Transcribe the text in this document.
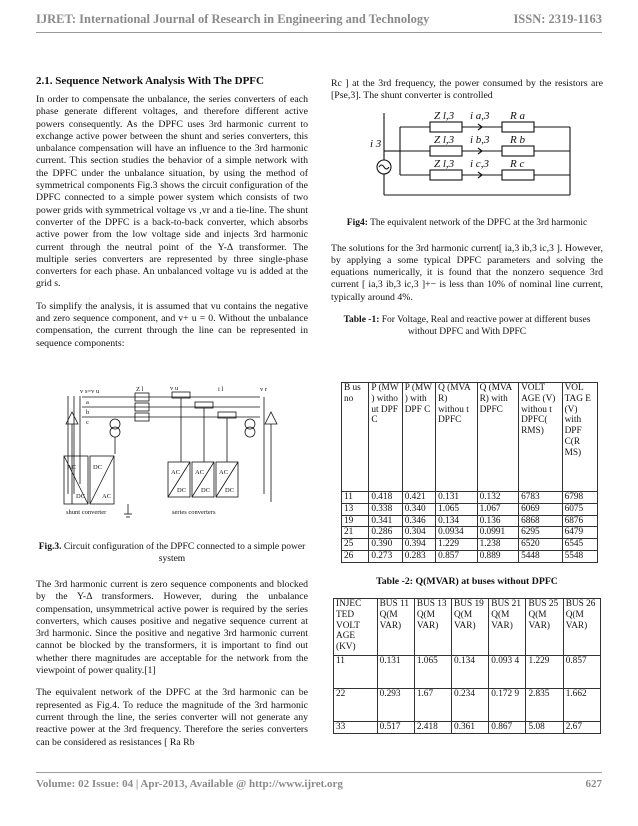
IJRET: International Journal of Research in Engineering and Technology	ISSN: 2319-1163
2.1. Sequence Network Analysis With The DPFC

In order to compensate the unbalance, the series converters of each phase generate different voltages, and therefore different active powers consequently. As the DPFC uses 3rd harmonic current to exchange active power between the shunt and series converters, this unbalance compensation will have an influence to the 3rd harmonic current. This section studies the behavior of a simple network with the DPFC under the unbalance situation, by using the method of symmetrical components Fig.3 shows the circuit configuration of the DPFC connected to a simple power system which consists of two power grids with symmetrical voltage vs ,vr and a tie-line. The shunt converter of the DPFC is a back-to-back converter, which absorbs active power from the low voltage side and injects 3rd harmonic current through the neutral point of the Y-Δ transformer. The multiple series converters are represented by three single-phase converters for each phase. An unbalanced voltage vu is added at the grid s.

To simplify the analysis, it is assumed that vu contains the negative and zero sequence component, and v+ u = 0. Without the unbalance compensation, the current through the line can be represented in sequence components:

Fig.3. Circuit configuration of the DPFC connected to a simple power system

The 3rd harmonic current is zero sequence components and blocked by the Y-Δ transformers. However, during the unbalance compensation, unsymmetrical active power is required by the series converters, which causes positive and negative sequence current at 3rd harmonic. Since the positive and negative 3rd harmonic current cannot be blocked by the transformers, it is important to find out whether there magnitudes are acceptable for the network from the viewpoint of power quality.[1]

The equivalent network of the DPFC at the 3rd harmonic can be represented as Fig.4. To reduce the magnitude of the 3rd harmonic current through the line, the series converter will not generate any reactive power at the 3rd frequency. Therefore the series converters can be considered as resistances [ Ra Rb

v s=v u
a
b
c
Z l	v u	i l	v r
AC
DC
DC
AC
AC
DC
AC
DC
AC
DC
shunt converter	series converters

Rc ] at the 3rd frequency, the power consumed by the resistors are [Pse,3]. The shunt converter is controlled

Fig4: The equivalent network of the DPFC at the 3rd harmonic

The solutions for the 3rd harmonic current[ ia,3 ib,3 ic,3 ]. However, by applying a some typical DPFC parameters and solving the equations numerically, it is found that the nonzero sequence 3rd current [ ia,3 ib,3 ic,3 ]+− is less than 10% of nominal line current, typically around 4%.

Table -1: For Voltage, Real and reactive power at different buses without DPFC and With DPFC
i 3
Z l,3 i a,3 R a
Z l,3 i b,3 R b
Z l,3 i c,3 R c
B us no	P (MW ) witho ut DPF C	P (MW ) with DPF C	Q (MVA R) withou t DPFC	Q (MVA R) with DPFC	VOLT AGE (V) withou t DPFC( RMS)	VOL TAG E (V) with DPF C(R MS)
11	0.418	0.421	0.131	0.132	6783	6798
13	0.338	0.340	1.065	1.067	6069	6075
19	0.341	0.346	0.134	0.136	6868	6876
21	0.286	0.304	0.0934	0.0991	6295	6479
25	0.390	0.394	1.229	1.238	6520	6545
26	0.273	0.283	0.857	0.889	5448	5548
Table -2: Q(MVAR) at buses without DPFC
INJEC TED VOLT AGE (KV)	BUS 11 Q(M VAR)	BUS 13 Q(M VAR)	BUS 19 Q(M VAR)	BUS 21 Q(M VAR)	BUS 25 Q(M VAR)	BUS 26 Q(M VAR)
11	0.131	1.065	0.134	0.093 4	1.229	0.857
22	0.293	1.67	0.234	0.172 9	2.835	1.662
33	0.517	2.418	0.361	0.867	5.08	2.67
Volume: 02 Issue: 04 | Apr-2013, Available @ http://www.ijret.org	627
